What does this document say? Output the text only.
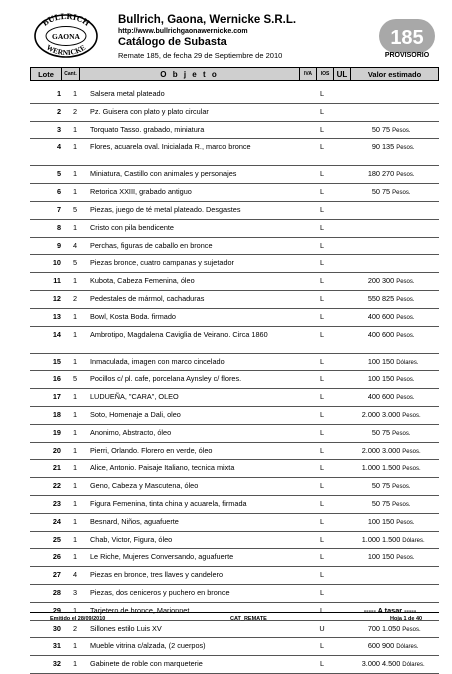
BULLRICH
GAONA
WERNICKE
Bullrich, Gaona, Wernicke S.R.L.
http://www.bullrichgaonawernicke.com
Catálogo de Subasta
Remate 185, de fecha 29 de Septiembre de 2010
185
PROVISORIO
Lote	Cant.	O b j e t o	IVA	IOS UL	Valor estimado
1	1 Salsera metal plateado	L
2	2 Pz. Guisera con plato y plato circular	L
3	1 Torquato Tasso. grabado, miniatura	L	50 75 Pesos.
4	1 Flores, acuarela oval. Inicialada R., marco bronce	L	90 135 Pesos.
5	1 Miniatura, Castillo con animales y personajes	L	180 270 Pesos.
6	1 Retorica XXIII, grabado antiguo	L	50 75 Pesos.
7	5 Piezas, juego de té metal plateado. Desgastes	L
8	1 Cristo con pila bendicente	L
9	4 Perchas, figuras de caballo en bronce	L
10	5 Piezas bronce, cuatro campanas y sujetador	L
11	1 Kubota, Cabeza Femenina, óleo	L	200 300 Pesos.
12	2 Pedestales de mármol, cachaduras	L	550 825 Pesos.
13	1 Bowl, Kosta Boda. firmado	L	400 600 Pesos.
14	1 Ambrotipo, Magdalena Caviglia de Veirano. Circa 1860	L	400 600 Pesos.
15	1 Inmaculada, imagen con marco cincelado	L	100 150 Dólares.
16	5 Pocillos c/ pl. cafe, porcelana Aynsley c/ flores.	L	100 150 Pesos.
17	1 LUDUEÑA, "CARA", OLEO	L	400 600 Pesos.
18	1 Soto, Homenaje a Dali, oleo	L	2.000 3.000 Pesos.
19	1 Anonimo, Abstracto, óleo	L	50 75 Pesos.
20	1 Pierri, Orlando. Florero en verde, óleo	L	2.000 3.000 Pesos.
21	1 Alice, Antonio. Paisaje Italiano, tecnica mixta	L	1.000 1.500 Pesos.
22	1 Geno, Cabeza y Mascutena, óleo	L	50 75 Pesos.
23	1 Figura Femenina, tinta china y acuarela, firmada	L	50 75 Pesos.
24	1 Besnard, Niños, aguafuerte	L	100 150 Pesos.
25	1 Chab, Victor, Figura, óleo	L	1.000 1.500 Dólares.
26	1 Le Riche, Mujeres Conversando, aguafuerte	L	100 150 Pesos.
27	4 Piezas en bronce, tres llaves y candelero	L
28	3 Piezas, dos ceniceros y puchero en bronce	L
29	1 Tarjetero de bronce, Marionnet	L	----- A tasar -----
30	2 Sillones estilo Luis XV	U	700 1.050 Pesos.
31	1 Mueble vitrina c/alzada, (2 cuerpos)	L	600 900 Dólares.
32	1 Gabinete de roble con marqueterie	L	3.000 4.500 Dólares.
Emitido el 28/09/2010	CAT_REMATE	Hoja 1 de 40
